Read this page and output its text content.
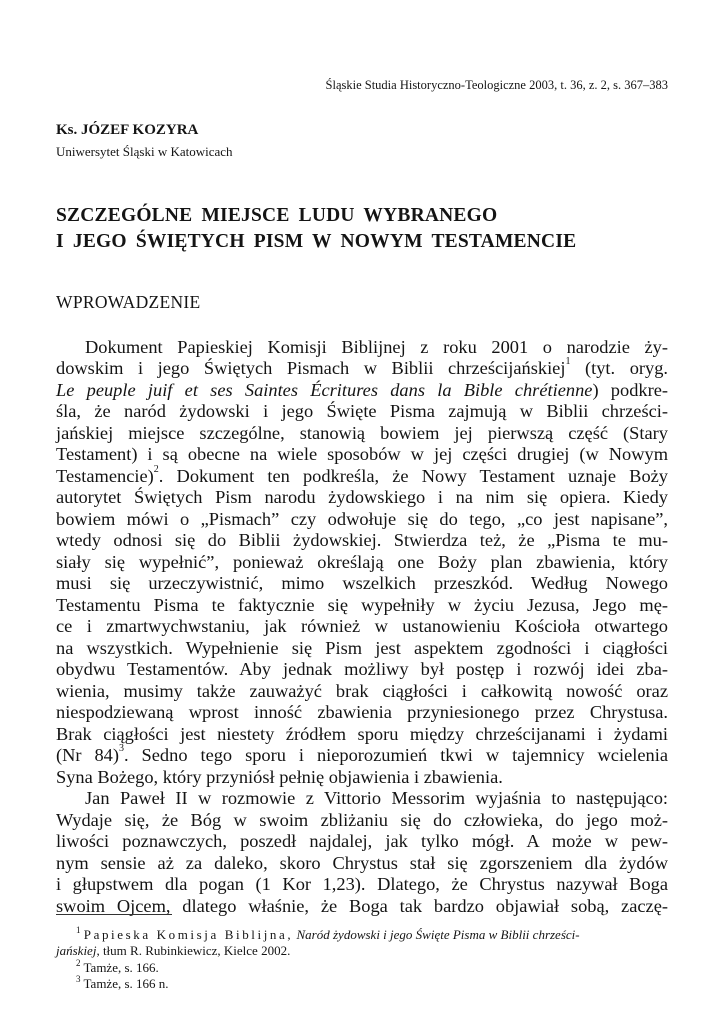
Śląskie Studia Historyczno-Teologiczne 2003, t. 36, z. 2, s. 367–383
Ks. JÓZEF KOZYRA
Uniwersytet Śląski w Katowicach
SZCZEGÓLNE MIEJSCE LUDU WYBRANEGO
I JEGO ŚWIĘTYCH PISM W NOWYM TESTAMENCIE
WPROWADZENIE
Dokument Papieskiej Komisji Biblijnej z roku 2001 o narodzie ży-
dowskim i jego Świętych Pismach w Biblii chrześcijańskiej$^1$ (tyt. oryg.
Le peuple juif et ses Saintes Écritures dans la Bible chrétienne) podkre-
śla, że naród żydowski i jego Święte Pisma zajmują w Biblii chrześci-
jańskiej miejsce szczególne, stanowią bowiem jej pierwszą część (Stary
Testament) i są obecne na wiele sposobów w jej części drugiej (w Nowym
Testamencie)$^2$. Dokument ten podkreśla, że Nowy Testament uznaje Boży
autorytet Świętych Pism narodu żydowskiego i na nim się opiera. Kiedy
bowiem mówi o „Pismach” czy odwołuje się do tego, „co jest napisane”,
wtedy odnosi się do Biblii żydowskiej. Stwierdza też, że „Pisma te mu-
siały się wypełnić”, ponieważ określają one Boży plan zbawienia, który
musi się urzeczywistnić, mimo wszelkich przeszkód. Według Nowego
Testamentu Pisma te faktycznie się wypełniły w życiu Jezusa, Jego mę-
ce i zmartwychwstaniu, jak również w ustanowieniu Kościoła otwartego
na wszystkich. Wypełnienie się Pism jest aspektem zgodności i ciągłości
obydwu Testamentów. Aby jednak możliwy był postęp i rozwój idei zba-
wienia, musimy także zauważyć brak ciągłości i całkowitą nowość oraz
niespodziewaną wprost inność zbawienia przyniesionego przez Chrystusa.
Brak ciągłości jest niestety źródłem sporu między chrześcijanami i żydami
(Nr 84)$^3$. Sedno tego sporu i nieporozumień tkwi w tajemnicy wcielenia
Syna Bożego, który przyniósł pełnię objawienia i zbawienia.
Jan Paweł II w rozmowie z Vittorio Messorim wyjaśnia to następująco:
Wydaje się, że Bóg w swoim zbliżaniu się do człowieka, do jego moż-
liwości poznawczych, poszedł najdalej, jak tylko mógł. A może w pew-
nym sensie aż za daleko, skoro Chrystus stał się zgorszeniem dla żydów
i głupstwem dla pogan (1 Kor 1,23). Dlatego, że Chrystus nazywał Boga
swoim Ojcem, dlatego właśnie, że Boga tak bardzo objawiał sobą, zaczę-
$^1$ Papieska Komisja Biblijna, Naród żydowski i jego Święte Pisma w Biblii chrześci-
jańskiej, tłum R. Rubinkiewicz, Kielce 2002.
$^2$ Tamże, s. 166.
$^3$ Tamże, s. 166 n.
